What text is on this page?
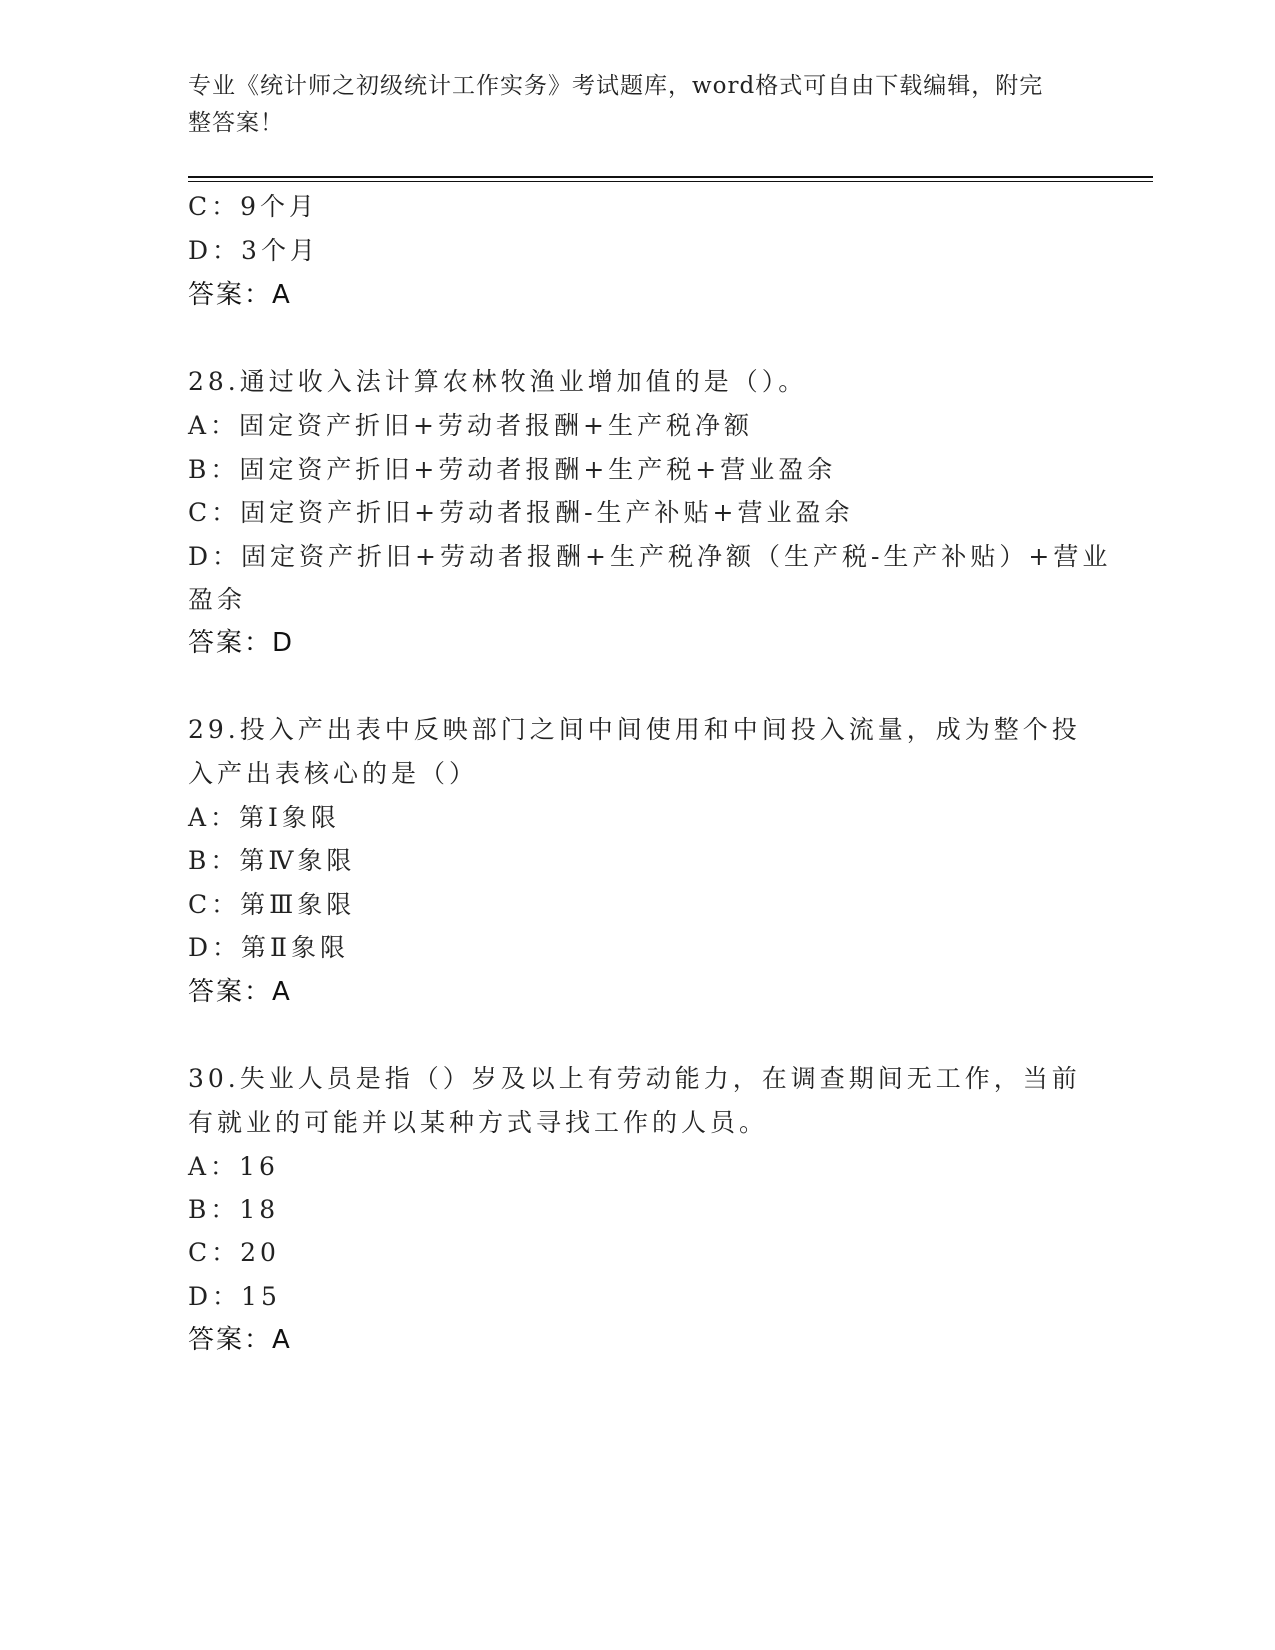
专业《统计师之初级统计工作实务》考试题库，word格式可自由下载编辑，附完
整答案！
C：9个月
D：3个月
答案：A
28.通过收入法计算农林牧渔业增加值的是（）。
A：固定资产折旧+劳动者报酬+生产税净额
B：固定资产折旧+劳动者报酬+生产税+营业盈余
C：固定资产折旧+劳动者报酬-生产补贴+营业盈余
D：固定资产折旧+劳动者报酬+生产税净额（生产税-生产补贴）+营业
盈余
答案：D
29.投入产出表中反映部门之间中间使用和中间投入流量，成为整个投
入产出表核心的是（）
A：第Ⅰ象限
B：第Ⅳ象限
C：第Ⅲ象限
D：第Ⅱ象限
答案：A
30.失业人员是指（）岁及以上有劳动能力，在调查期间无工作，当前
有就业的可能并以某种方式寻找工作的人员。
A：16
B：18
C：20
D：15
答案：A
